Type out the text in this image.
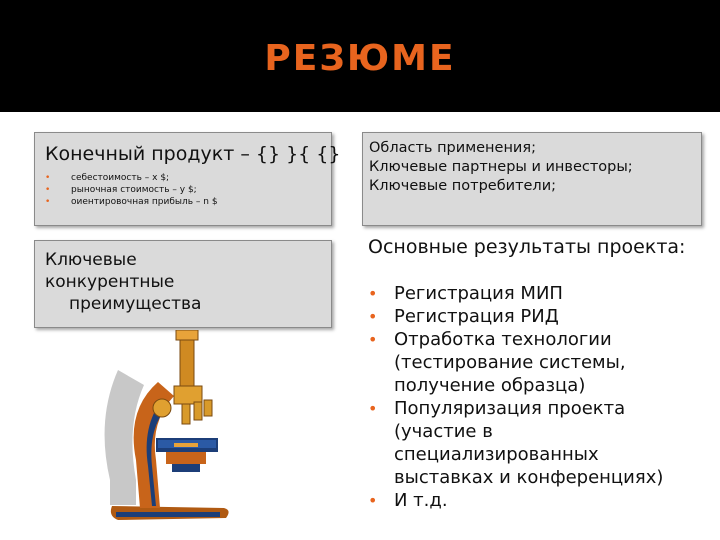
РЕЗЮМЕ
Конечный продукт – {} }{ {}
• себестоимость – x $;
• рыночная стоимость – y $;
• оиентировочная прибыль – n $
Область применения;
Ключевые партнеры и инвесторы;
Ключевые потребители;
Ключевые
конкурентные
преимущества
Основные результаты проекта:
• Регистрация МИП
• Регистрация РИД
• Отработка технологии
(тестирование системы,
получение образца)
• Популяризация проекта
(участие в
специализированных
выставках и конференциях)
• И т.д.
